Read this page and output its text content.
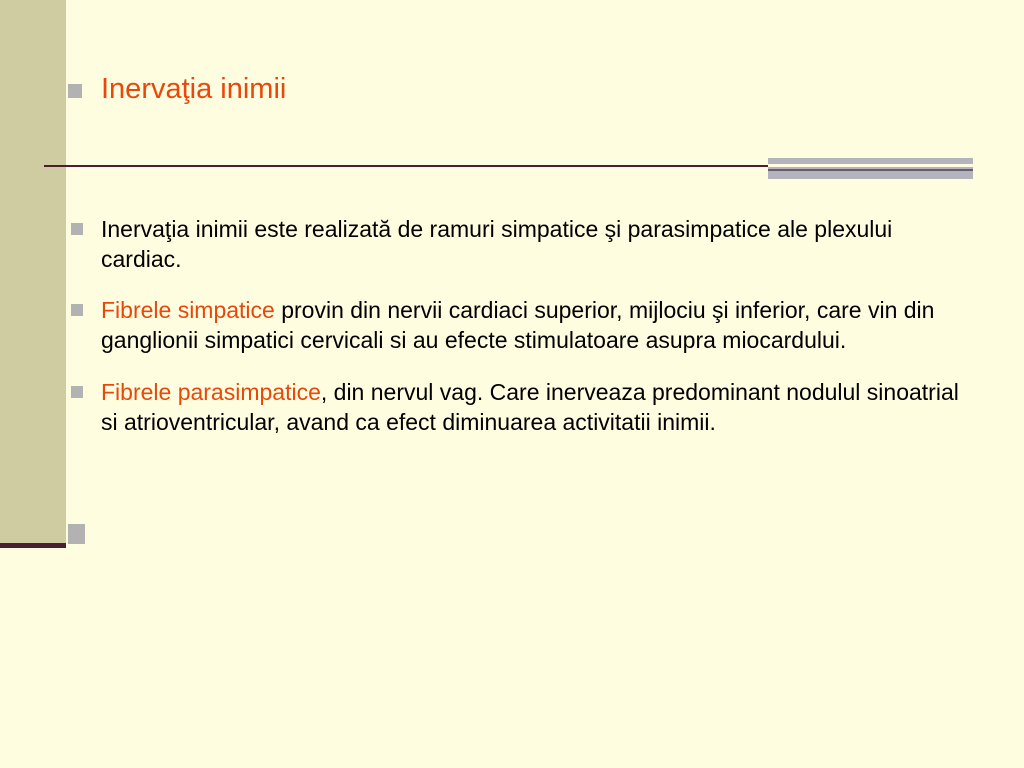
Inervaţia inimii
Inervaţia inimii este realizată de ramuri simpatice şi parasimpatice ale plexului cardiac.
Fibrele simpatice provin din nervii cardiaci superior, mijlociu şi inferior, care vin din ganglionii simpatici cervicali si au efecte stimulatoare asupra miocardului.
Fibrele parasimpatice, din nervul vag. Care inerveaza predominant nodulul sinoatrial si atrioventricular, avand ca efect diminuarea activitatii inimii.
